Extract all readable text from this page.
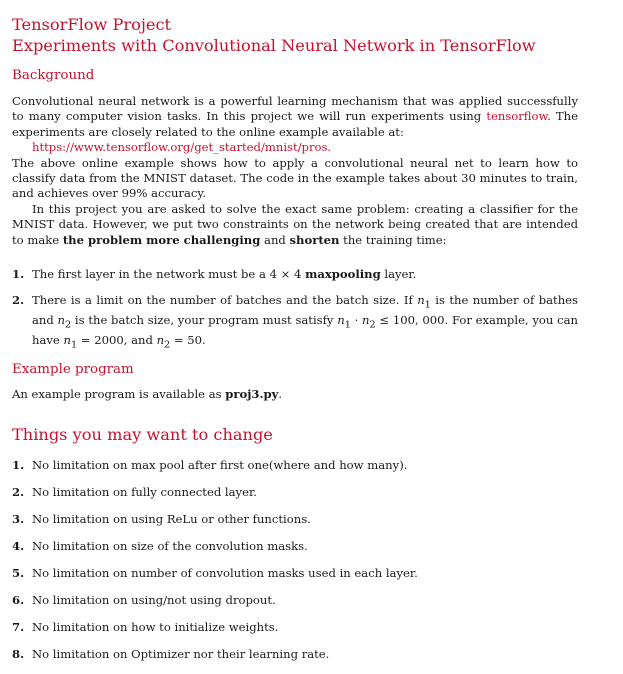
TensorFlow Project
Experiments with Convolutional Neural Network in TensorFlow
Background

Convolutional neural network is a powerful learning mechanism that was applied successfully to many computer vision tasks. In this project we will run experiments using tensorflow. The experiments are closely related to the online example available at:

https://www.tensorflow.org/get_started/mnist/pros.

The above online example shows how to apply a convolutional neural net to learn how to classify data from the MNIST dataset. The code in the example takes about 30 minutes to train, and achieves over 99% accuracy.

In this project you are asked to solve the exact same problem: creating a classifier for the MNIST data. However, we put two constraints on the network being created that are intended to make the problem more challenging and shorten the training time:

1. The first layer in the network must be a 4 × 4 maxpooling layer.
2. There is a limit on the number of batches and the batch size. If $n_1$ is the number of bathes and $n_2$ is the batch size, your program must satisfy $n_1 \cdot n_2 \le 100$, 000. For example, you can have $n_1 = 2000$, and $n_2 = 50$.
Example program

An example program is available as proj3.py.

Things you may want to change
1. No limitation on max pool after first one(where and how many).
2. No limitation on fully connected layer.
3. No limitation on using ReLu or other functions.
4. No limitation on size of the convolution masks.
5. No limitation on number of convolution masks used in each layer.
6. No limitation on using/not using dropout.
7. No limitation on how to initialize weights.
8. No limitation on Optimizer nor their learning rate.
